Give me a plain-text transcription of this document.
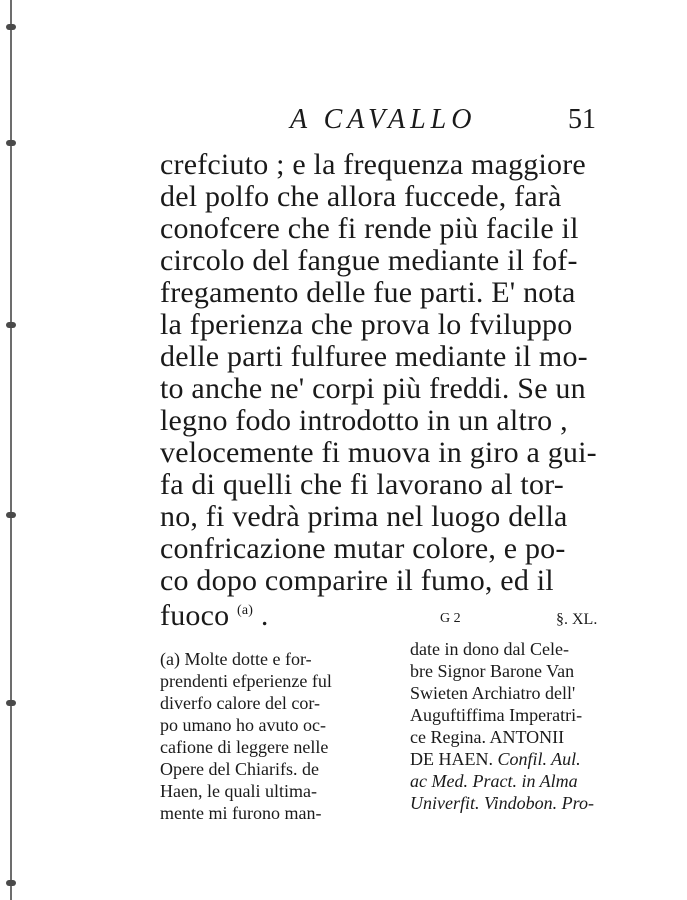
A CAVALLO	51
crefciuto ; e la frequenza maggiore
del polfo che allora fuccede, farà
conofcere che fi rende più facile il
circolo del fangue mediante il fof-
fregamento delle fue parti. E' nota
la fperienza che prova lo fviluppo
delle parti fulfuree mediante il mo-
to anche ne' corpi più freddi. Se un
legno fodo introdotto in un altro ,
velocemente fi muova in giro a gui-
fa di quelli che fi lavorano al tor-
no, fi vedrà prima nel luogo della
confricazione mutar colore, e po-
co dopo comparire il fumo, ed il
fuoco $^{(a)}$ .	G 2	§. XL.
(a) Molte dotte e for-
prendenti efperienze ful
diverfo calore del cor-
po umano ho avuto oc-
cafione di leggere nelle
Opere del Chiarifs. de
Haen, le quali ultima-
mente mi furono man-
date in dono dal Cele-
bre Signor Barone Van
Swieten Archiatro dell'
Auguftiffima Imperatri-
ce Regina. ANTONII
DE HAEN. Confil. Aul.
ac Med. Pract. in Alma
Univerfit. Vindobon. Pro-
